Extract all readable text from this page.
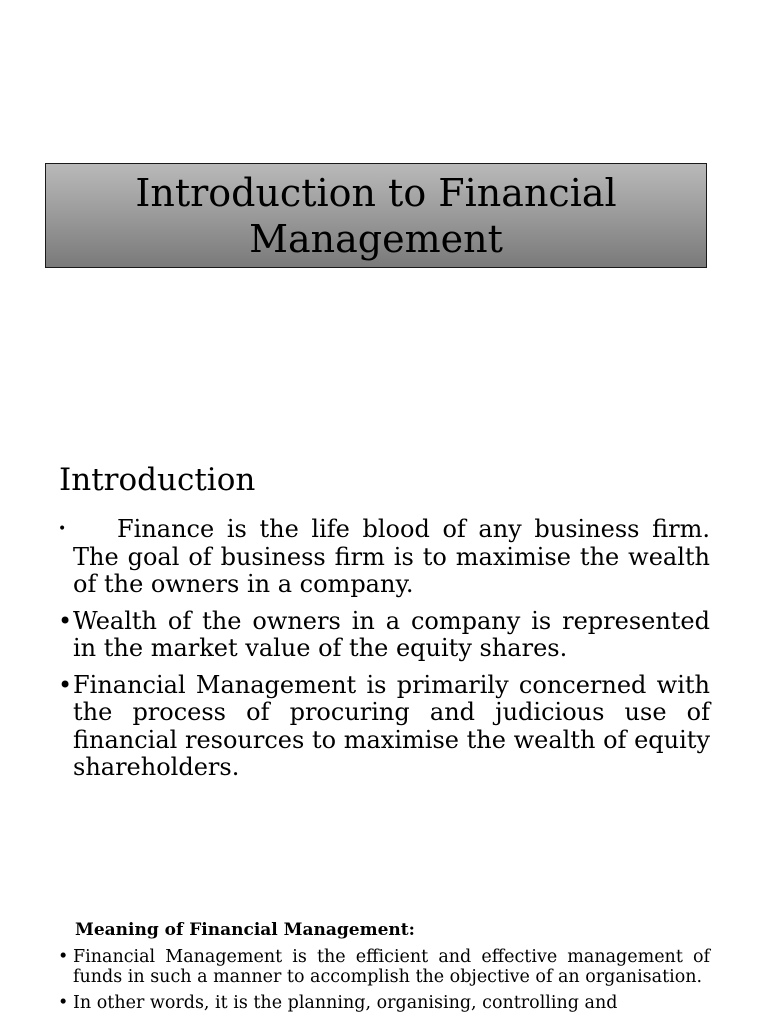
Introduction to Financial Management
Introduction
• Finance is the life blood of any business firm. The goal of business firm is to maximise the wealth of the owners in a company.
• Wealth of the owners in a company is represented in the market value of the equity shares.
• Financial Management is primarily concerned with the process of procuring and judicious use of financial resources to maximise the wealth of equity shareholders.
Meaning of Financial Management:
• Financial Management is the efficient and effective management of funds in such a manner to accomplish the objective of an organisation.
• In other words, it is the planning, organising, controlling and
